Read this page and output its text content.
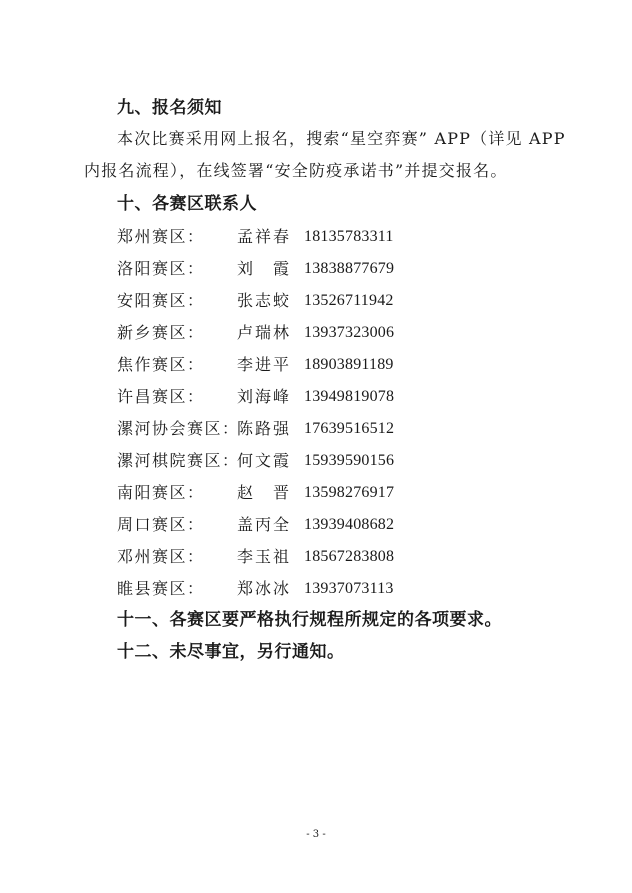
九、报名须知
本次比赛采用网上报名，搜索“星空弈赛” APP（详见 APP
内报名流程），在线签署“安全防疫承诺书”并提交报名。
十、各赛区联系人
郑州赛区： 孟祥春 18135783311
洛阳赛区： 刘霞 13838877679
安阳赛区： 张志蛟 13526711942
新乡赛区： 卢瑞林 13937323006
焦作赛区： 李进平 18903891189
许昌赛区： 刘海峰 13949819078
漯河协会赛区：
陈路强 17639516512
漯河棋院赛区：
何文霞 15939590156
南阳赛区： 赵晋 13598276917
周口赛区： 盖丙全 13939408682
邓州赛区： 李玉祖 18567283808
睢县赛区： 郑冰冰 13937073113
十一、各赛区要严格执行规程所规定的各项要求。
十二、未尽事宜，另行通知。
- 3 -
